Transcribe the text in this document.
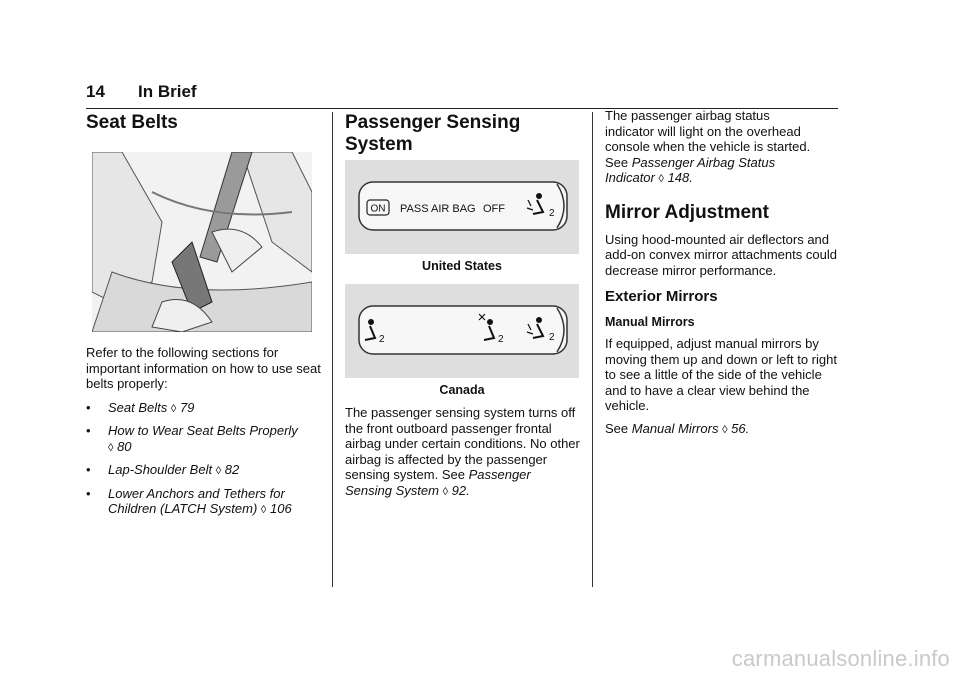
14 In Brief
Seat Belts

Refer to the following sections for important information on how to use seat belts properly:

• Seat Belts ◊ 79
• How to Wear Seat Belts Properly
◊ 80
• Lap-Shoulder Belt ◊ 82
• Lower Anchors and Tethers for Children (LATCH System) ◊ 106
Passenger Sensing
System
ON PASS AIR BAG OFF	2
United States
2	2	2
Canada

The passenger sensing system turns off the front outboard passenger frontal airbag under certain conditions. No other airbag is affected by the passenger sensing system. See Passenger Sensing System ◊ 92.

The passenger airbag status
indicator will light on the overhead
console when the vehicle is started.
See Passenger Airbag Status
Indicator ◊ 148.

Mirror Adjustment

Using hood-mounted air deflectors and add-on convex mirror attachments could decrease mirror performance.

Exterior Mirrors
Manual Mirrors

If equipped, adjust manual mirrors by moving them up and down or left to right to see a little of the side of the vehicle and to have a clear view behind the vehicle.

See Manual Mirrors ◊ 56.

carmanualsonline.info
